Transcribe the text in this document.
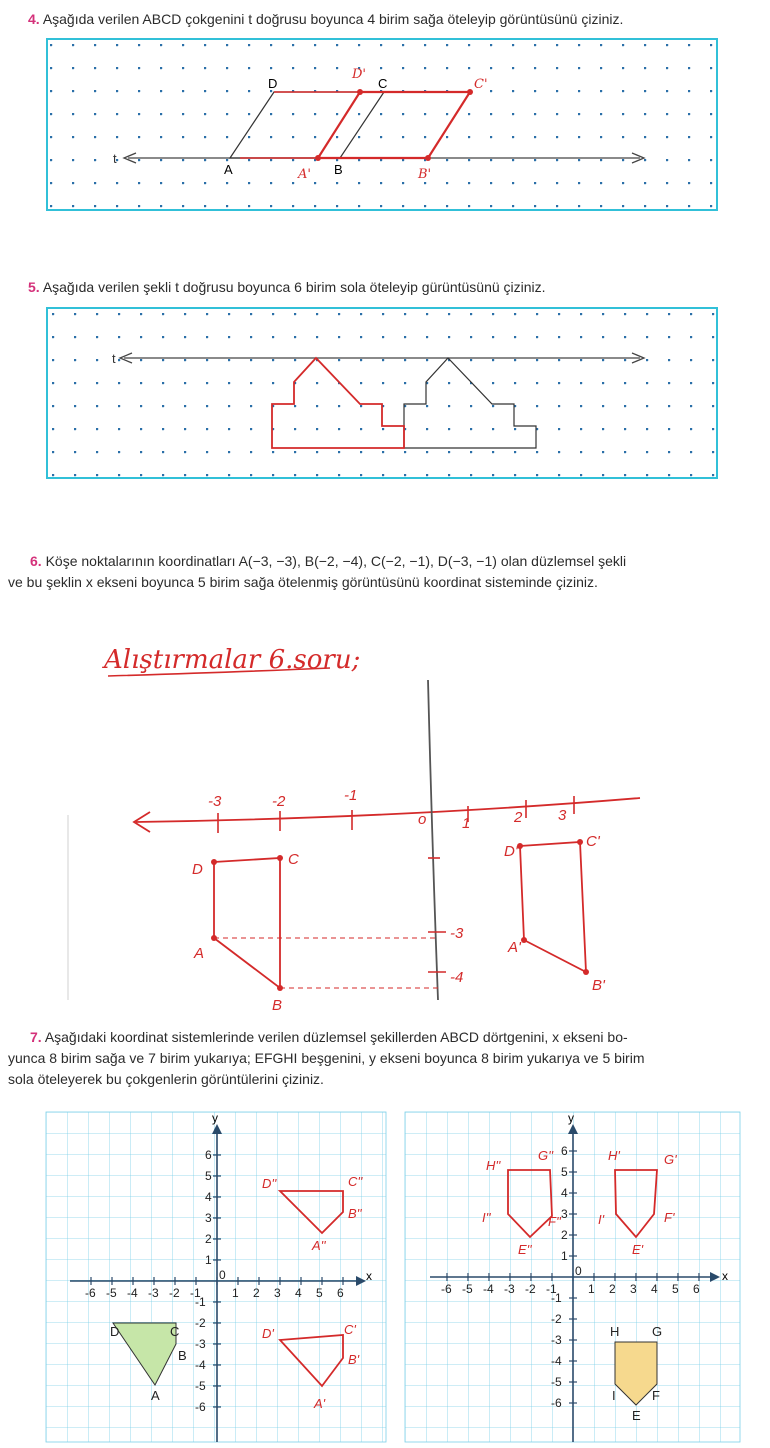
4. Aşağıda verilen ABCD çokgenini t doğrusu boyunca 4 birim sağa öteleyip görüntüsünü çiziniz.
t
A	B
C
D
A'	B'
C'
D'
t
Alıştırmalar 6.soru;
-3	-2	-1
o 1	2 3
-3
-4
A
B
C
D
A'
B'
C'
D'
x
y
-6 -5 -4 -3 -2 -1
0
1 2 3 4 5 6
6
5
4
3
2
1
-1
-2
-3
-4
-5
-6
A
B
C
D
A''
B''
C''
D''
A'
B'
C'
D'
x
y
-6 -5 -4 -3 -2 -1
0
1 2 3 4 5 6
6
5
4
3
2
1
-1
-2
-3
-4
-5
-6
E
F
G
H
I
E'
F'
G'
H'
I'
E''
F''
G''
H''
I''
5. Aşağıda verilen şekli t doğrusu boyunca 6 birim sola öteleyip gürüntüsünü çiziniz.
6. Köşe noktalarının koordinatları A(−3, −3), B(−2, −4), C(−2, −1), D(−3, −1) olan düzlemsel şekli
ve bu şeklin x ekseni boyunca 5 birim sağa ötelenmiş görüntüsünü koordinat sisteminde çiziniz.
7. Aşağıdaki koordinat sistemlerinde verilen düzlemsel şekillerden ABCD dörtgenini, x ekseni bo-
yunca 8 birim sağa ve 7 birim yukarıya; EFGHI beşgenini, y ekseni boyunca 8 birim yukarıya ve 5 birim
sola öteleyerek bu çokgenlerin görüntülerini çiziniz.
